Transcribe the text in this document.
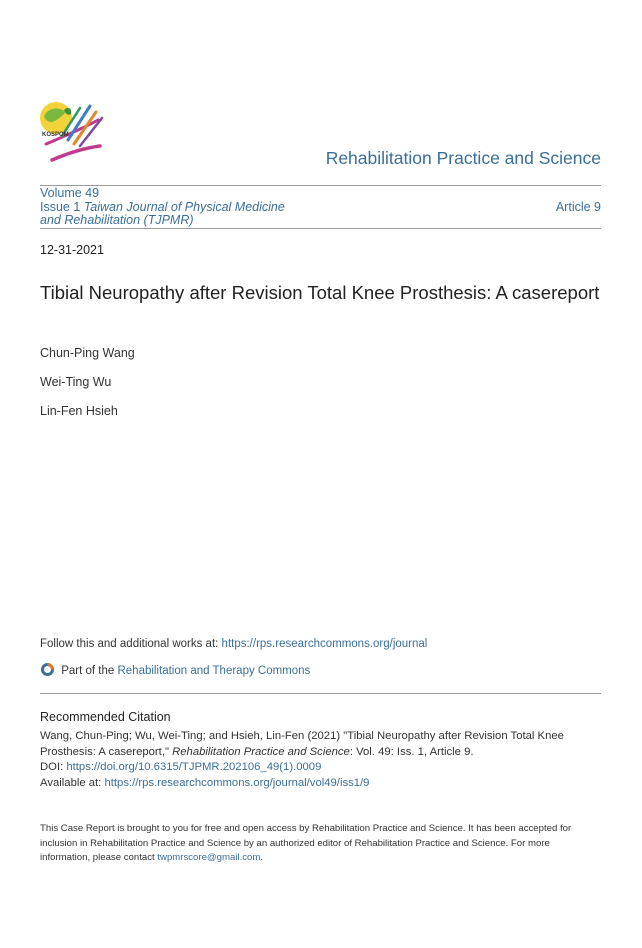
KOSPOM
Rehabilitation Practice and Science
Volume 49
Issue 1 Taiwan Journal of Physical Medicine
and Rehabilitation (TJPMR)
Article 9
12-31-2021
Tibial Neuropathy after Revision Total Knee Prosthesis: A casereport
Chun-Ping Wang
Wei-Ting Wu
Lin-Fen Hsieh
Follow this and additional works at: https://rps.researchcommons.org/journal
Part of the Rehabilitation and Therapy Commons
Recommended Citation
Wang, Chun-Ping; Wu, Wei-Ting; and Hsieh, Lin-Fen (2021) "Tibial Neuropathy after Revision Total Knee Prosthesis: A casereport," Rehabilitation Practice and Science: Vol. 49: Iss. 1, Article 9.
DOI: https://doi.org/10.6315/TJPMR.202106_49(1).0009
Available at: https://rps.researchcommons.org/journal/vol49/iss1/9
This Case Report is brought to you for free and open access by Rehabilitation Practice and Science. It has been accepted for inclusion in Rehabilitation Practice and Science by an authorized editor of Rehabilitation Practice and Science. For more information, please contact twpmrscore@gmail.com.
